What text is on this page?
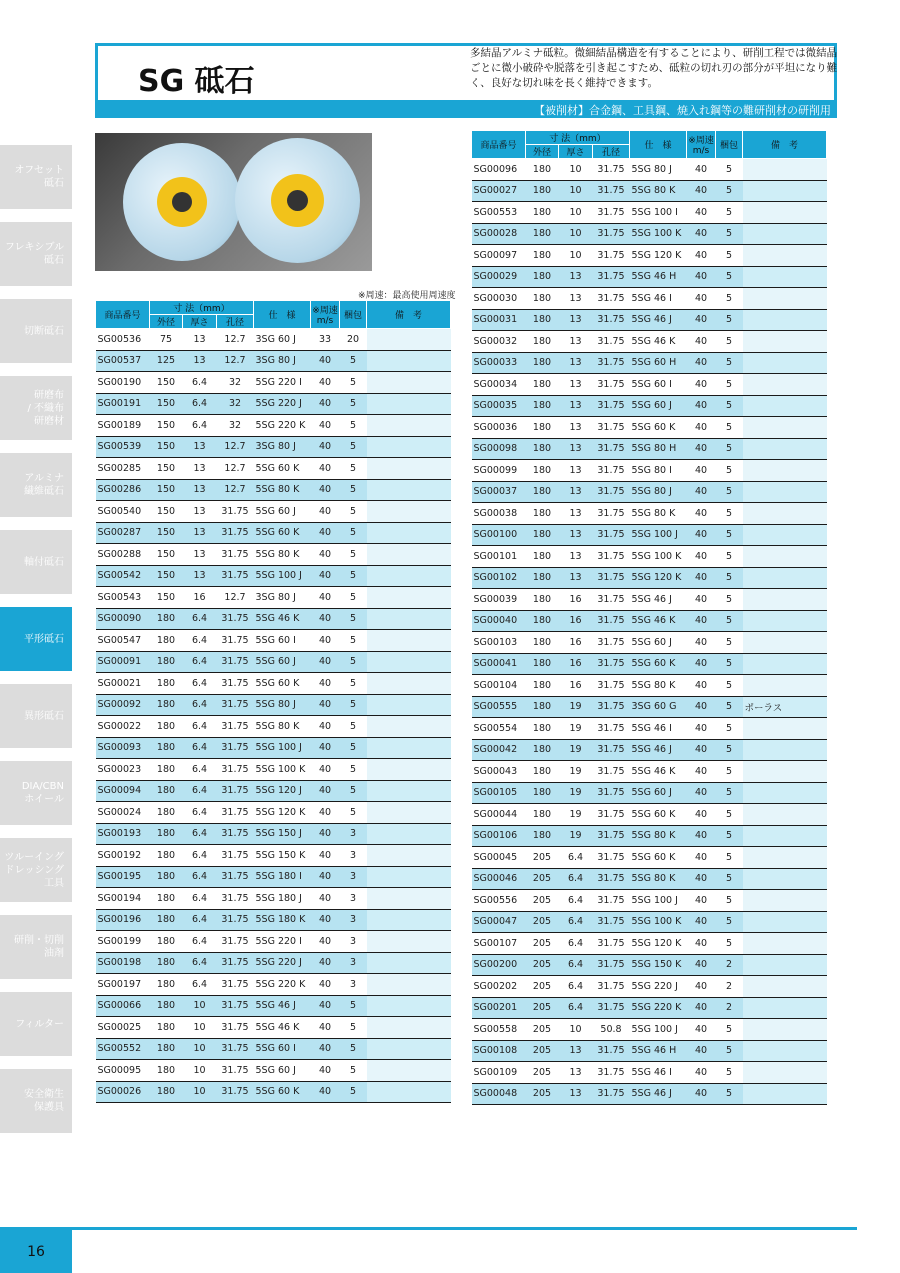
オフセット
砥石
フレキシブル
砥石
切断砥石
研磨布
/ 不織布
研磨材
アルミナ
繊維砥石
軸付砥石
平形砥石
異形砥石
DIA/CBN
ホイール
ツルーイング
ドレッシング
工具
研削・切削
油剤
フィルター
安全衛生
保護具
SG 砥石
多結晶アルミナ砥粒。微細結晶構造を有することにより、研削工程では微結晶ごとに微小破砕や脱落を引き起こすため、砥粒の切れ刃の部分が平坦になり難く、良好な切れ味を長く維持できます。
【被削材】合金鋼、工具鋼、焼入れ鋼等の難研削材の研削用
※周速：最高使用周速度
商品番号	寸 法（mm）			仕　様	※周速 m/s	梱包	備　考
	外径	厚さ	孔径				
SG00536	75	13	12.7	3SG 60 J	33	20	
SG00537	125	13	12.7	3SG 80 J	40	5	
SG00190	150	6.4	32	5SG 220 I	40	5	
SG00191	150	6.4	32	5SG 220 J	40	5	
SG00189	150	6.4	32	5SG 220 K	40	5	
SG00539	150	13	12.7	3SG 80 J	40	5	
SG00285	150	13	12.7	5SG 60 K	40	5	
SG00286	150	13	12.7	5SG 80 K	40	5	
SG00540	150	13	31.75	5SG 60 J	40	5	
SG00287	150	13	31.75	5SG 60 K	40	5	
SG00288	150	13	31.75	5SG 80 K	40	5	
SG00542	150	13	31.75	5SG 100 J	40	5	
SG00543	150	16	12.7	3SG 80 J	40	5	
SG00090	180	6.4	31.75	5SG 46 K	40	5	
SG00547	180	6.4	31.75	5SG 60 I	40	5	
SG00091	180	6.4	31.75	5SG 60 J	40	5	
SG00021	180	6.4	31.75	5SG 60 K	40	5	
SG00092	180	6.4	31.75	5SG 80 J	40	5	
SG00022	180	6.4	31.75	5SG 80 K	40	5	
SG00093	180	6.4	31.75	5SG 100 J	40	5	
SG00023	180	6.4	31.75	5SG 100 K	40	5	
SG00094	180	6.4	31.75	5SG 120 J	40	5	
SG00024	180	6.4	31.75	5SG 120 K	40	5	
SG00193	180	6.4	31.75	5SG 150 J	40	3	
SG00192	180	6.4	31.75	5SG 150 K	40	3	
SG00195	180	6.4	31.75	5SG 180 I	40	3	
SG00194	180	6.4	31.75	5SG 180 J	40	3	
SG00196	180	6.4	31.75	5SG 180 K	40	3	
SG00199	180	6.4	31.75	5SG 220 I	40	3	
SG00198	180	6.4	31.75	5SG 220 J	40	3	
SG00197	180	6.4	31.75	5SG 220 K	40	3	
SG00066	180	10	31.75	5SG 46 J	40	5	
SG00025	180	10	31.75	5SG 46 K	40	5	
SG00552	180	10	31.75	5SG 60 I	40	5	
SG00095	180	10	31.75	5SG 60 J	40	5	
SG00026	180	10	31.75	5SG 60 K	40	5	
商品番号	寸 法（mm）			仕　様	※周速 m/s	梱包	備　考
	外径	厚さ	孔径				
SG00096	180	10	31.75	5SG 80 J	40	5	
SG00027	180	10	31.75	5SG 80 K	40	5	
SG00553	180	10	31.75	5SG 100 I	40	5	
SG00028	180	10	31.75	5SG 100 K	40	5	
SG00097	180	10	31.75	5SG 120 K	40	5	
SG00029	180	13	31.75	5SG 46 H	40	5	
SG00030	180	13	31.75	5SG 46 I	40	5	
SG00031	180	13	31.75	5SG 46 J	40	5	
SG00032	180	13	31.75	5SG 46 K	40	5	
SG00033	180	13	31.75	5SG 60 H	40	5	
SG00034	180	13	31.75	5SG 60 I	40	5	
SG00035	180	13	31.75	5SG 60 J	40	5	
SG00036	180	13	31.75	5SG 60 K	40	5	
SG00098	180	13	31.75	5SG 80 H	40	5	
SG00099	180	13	31.75	5SG 80 I	40	5	
SG00037	180	13	31.75	5SG 80 J	40	5	
SG00038	180	13	31.75	5SG 80 K	40	5	
SG00100	180	13	31.75	5SG 100 J	40	5	
SG00101	180	13	31.75	5SG 100 K	40	5	
SG00102	180	13	31.75	5SG 120 K	40	5	
SG00039	180	16	31.75	5SG 46 J	40	5	
SG00040	180	16	31.75	5SG 46 K	40	5	
SG00103	180	16	31.75	5SG 60 J	40	5	
SG00041	180	16	31.75	5SG 60 K	40	5	
SG00104	180	16	31.75	5SG 80 K	40	5	
SG00555	180	19	31.75	3SG 60 G	40	5	ポーラス
SG00554	180	19	31.75	5SG 46 I	40	5	
SG00042	180	19	31.75	5SG 46 J	40	5	
SG00043	180	19	31.75	5SG 46 K	40	5	
SG00105	180	19	31.75	5SG 60 J	40	5	
SG00044	180	19	31.75	5SG 60 K	40	5	
SG00106	180	19	31.75	5SG 80 K	40	5	
SG00045	205	6.4	31.75	5SG 60 K	40	5	
SG00046	205	6.4	31.75	5SG 80 K	40	5	
SG00556	205	6.4	31.75	5SG 100 J	40	5	
SG00047	205	6.4	31.75	5SG 100 K	40	5	
SG00107	205	6.4	31.75	5SG 120 K	40	5	
SG00200	205	6.4	31.75	5SG 150 K	40	2	
SG00202	205	6.4	31.75	5SG 220 J	40	2	
SG00201	205	6.4	31.75	5SG 220 K	40	2	
SG00558	205	10	50.8	5SG 100 J	40	5	
SG00108	205	13	31.75	5SG 46 H	40	5	
SG00109	205	13	31.75	5SG 46 I	40	5	
SG00048	205	13	31.75	5SG 46 J	40	5	
16
